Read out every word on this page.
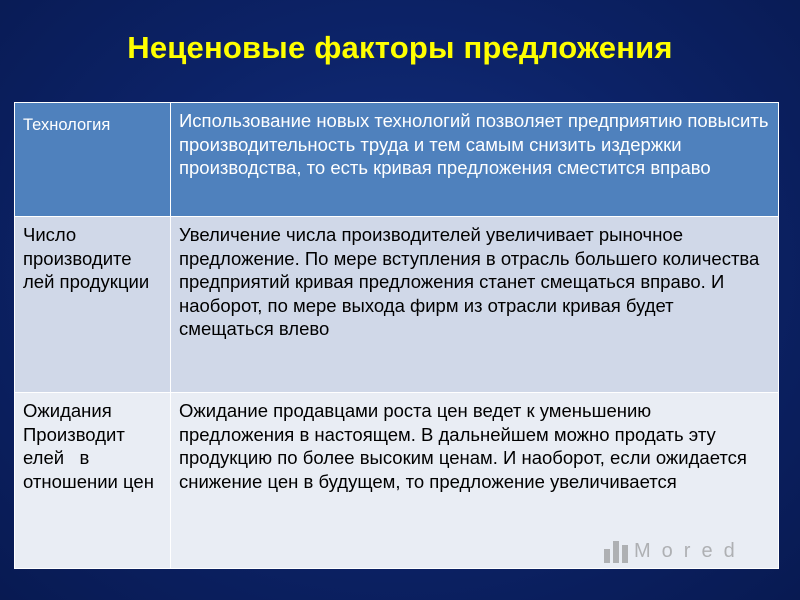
Неценовые факторы предложения
Технология	Использование новых технологий позволяет предприятию повысить производительность труда и тем самым снизить издержки производства, то есть кривая предложения сместится вправо
Число производите лей продукции	Увеличение числа производителей увеличивает рыночное предложение. По мере вступления в отрасль большего количества предприятий кривая предложения станет смещаться вправо. И наоборот, по мере выхода фирм из отрасли кривая будет смещаться влево
Ожидания Производит елей   в отношении цен	Ожидание продавцами роста цен ведет к уменьшению предложения в настоящем. В дальнейшем можно продать эту продукцию по более высоким ценам. И наоборот, если ожидается снижение цен в будущем, то предложение увеличивается
M o r e d
